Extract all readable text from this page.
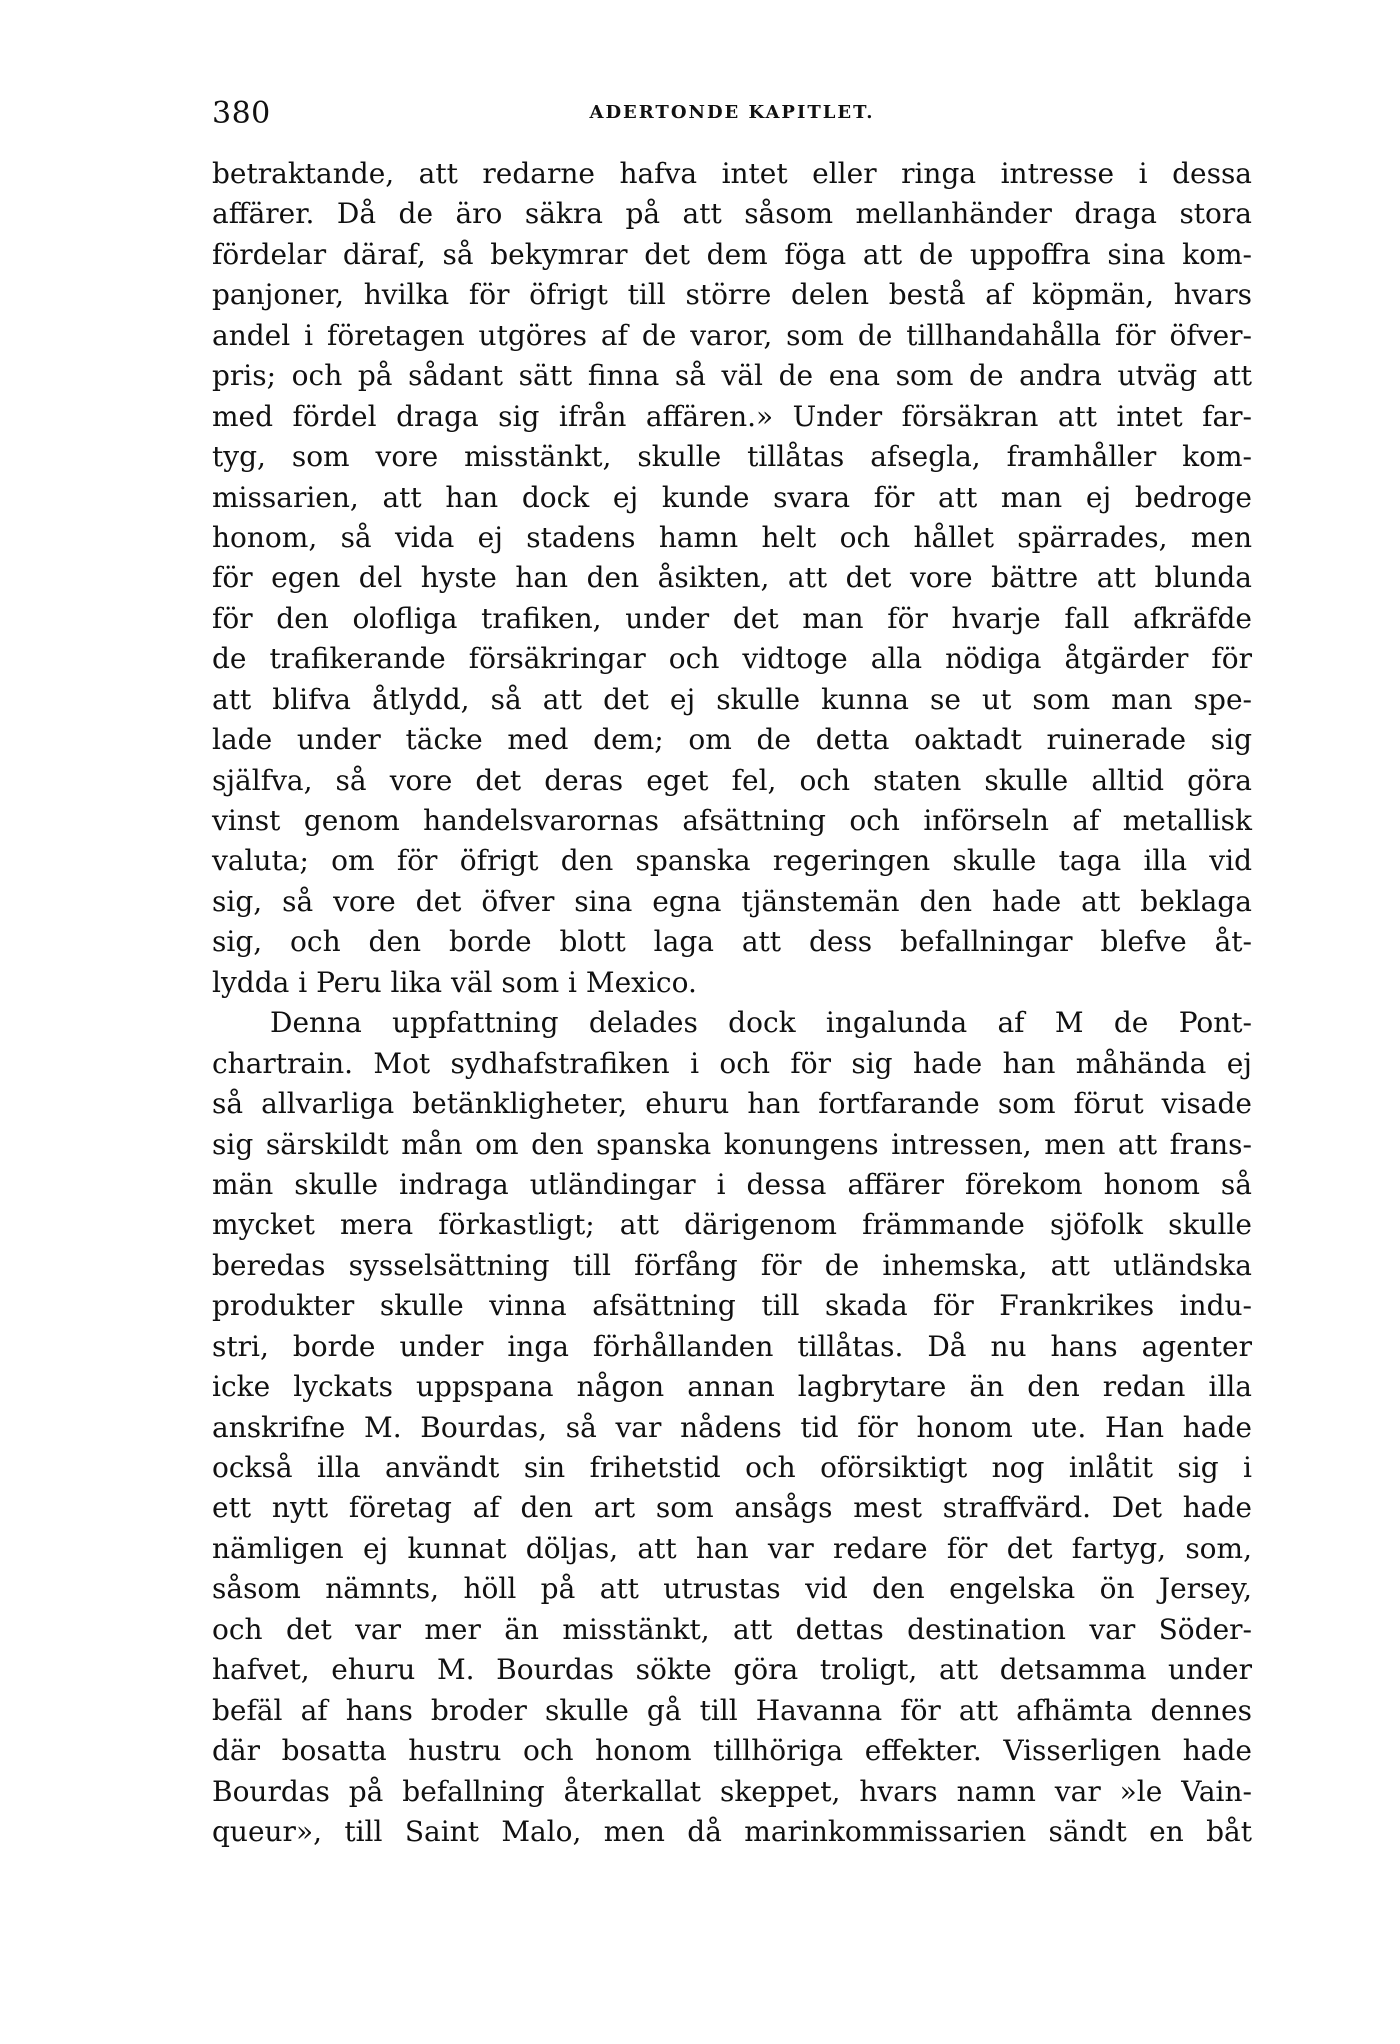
380	ADERTONDE KAPITLET.
betraktande, att redarne hafva intet eller ringa intresse i dessa
affärer. Då de äro säkra på att såsom mellanhänder draga stora
fördelar däraf, så bekymrar det dem föga att de uppoffra sina kom-
panjoner, hvilka för öfrigt till större delen bestå af köpmän, hvars
andel i företagen utgöres af de varor, som de tillhandahålla för öfver-
pris; och på sådant sätt finna så väl de ena som de andra utväg att
med fördel draga sig ifrån affären.» Under försäkran att intet far-
tyg, som vore misstänkt, skulle tillåtas afsegla, framhåller kom-
missarien, att han dock ej kunde svara för att man ej bedroge
honom, så vida ej stadens hamn helt och hållet spärrades, men
för egen del hyste han den åsikten, att det vore bättre att blunda
för den olofliga trafiken, under det man för hvarje fall afkräfde
de trafikerande försäkringar och vidtoge alla nödiga åtgärder för
att blifva åtlydd, så att det ej skulle kunna se ut som man spe-
lade under täcke med dem; om de detta oaktadt ruinerade sig
själfva, så vore det deras eget fel, och staten skulle alltid göra
vinst genom handelsvarornas afsättning och införseln af metallisk
valuta; om för öfrigt den spanska regeringen skulle taga illa vid
sig, så vore det öfver sina egna tjänstemän den hade att beklaga
sig, och den borde blott laga att dess befallningar blefve åt-
lydda i Peru lika väl som i Mexico.
Denna uppfattning delades dock ingalunda af M de Pont-
chartrain. Mot sydhafstrafiken i och för sig hade han måhända ej
så allvarliga betänkligheter, ehuru han fortfarande som förut visade
sig särskildt mån om den spanska konungens intressen, men att frans-
män skulle indraga utländingar i dessa affärer förekom honom så
mycket mera förkastligt; att därigenom främmande sjöfolk skulle
beredas sysselsättning till förfång för de inhemska, att utländska
produkter skulle vinna afsättning till skada för Frankrikes indu-
stri, borde under inga förhållanden tillåtas. Då nu hans agenter
icke lyckats uppspana någon annan lagbrytare än den redan illa
anskrifne M. Bourdas, så var nådens tid för honom ute. Han hade
också illa användt sin frihetstid och oförsiktigt nog inlåtit sig i
ett nytt företag af den art som ansågs mest straffvärd. Det hade
nämligen ej kunnat döljas, att han var redare för det fartyg, som,
såsom nämnts, höll på att utrustas vid den engelska ön Jersey,
och det var mer än misstänkt, att dettas destination var Söder-
hafvet, ehuru M. Bourdas sökte göra troligt, att detsamma under
befäl af hans broder skulle gå till Havanna för att afhämta dennes
där bosatta hustru och honom tillhöriga effekter. Visserligen hade
Bourdas på befallning återkallat skeppet, hvars namn var »le Vain-
queur», till Saint Malo, men då marinkommissarien sändt en båt
